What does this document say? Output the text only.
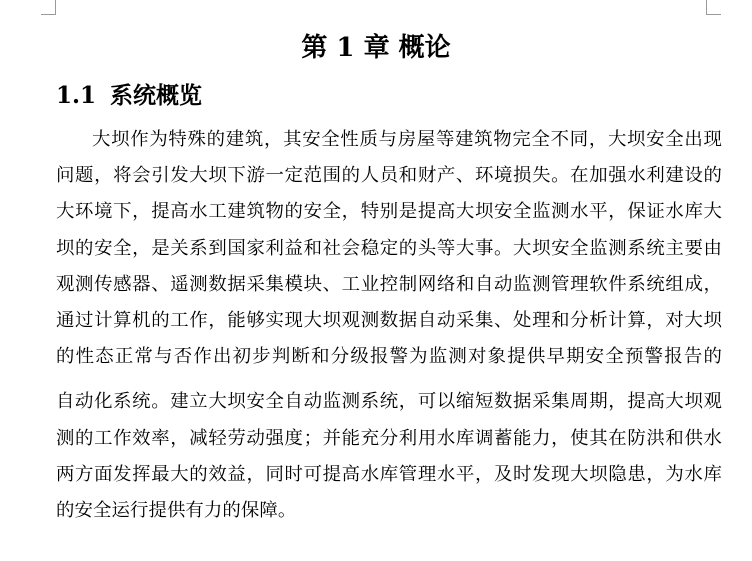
第 1 章 概论
1.1 系统概览
大坝作为特殊的建筑，其安全性质与房屋等建筑物完全不同，大坝安全出现
问题，将会引发大坝下游一定范围的人员和财产、环境损失。在加强水利建设的
大环境下，提高水工建筑物的安全，特别是提高大坝安全监测水平，保证水库大
坝的安全，是关系到国家利益和社会稳定的头等大事。大坝安全监测系统主要由
观测传感器、遥测数据采集模块、工业控制网络和自动监测管理软件系统组成，
通过计算机的工作，能够实现大坝观测数据自动采集、处理和分析计算，对大坝
的性态正常与否作出初步判断和分级报警为监测对象提供早期安全预警报告的
自动化系统。建立大坝安全自动监测系统，可以缩短数据采集周期，提高大坝观
测的工作效率，减轻劳动强度；并能充分利用水库调蓄能力，使其在防洪和供水
两方面发挥最大的效益，同时可提高水库管理水平，及时发现大坝隐患，为水库
的安全运行提供有力的保障。
